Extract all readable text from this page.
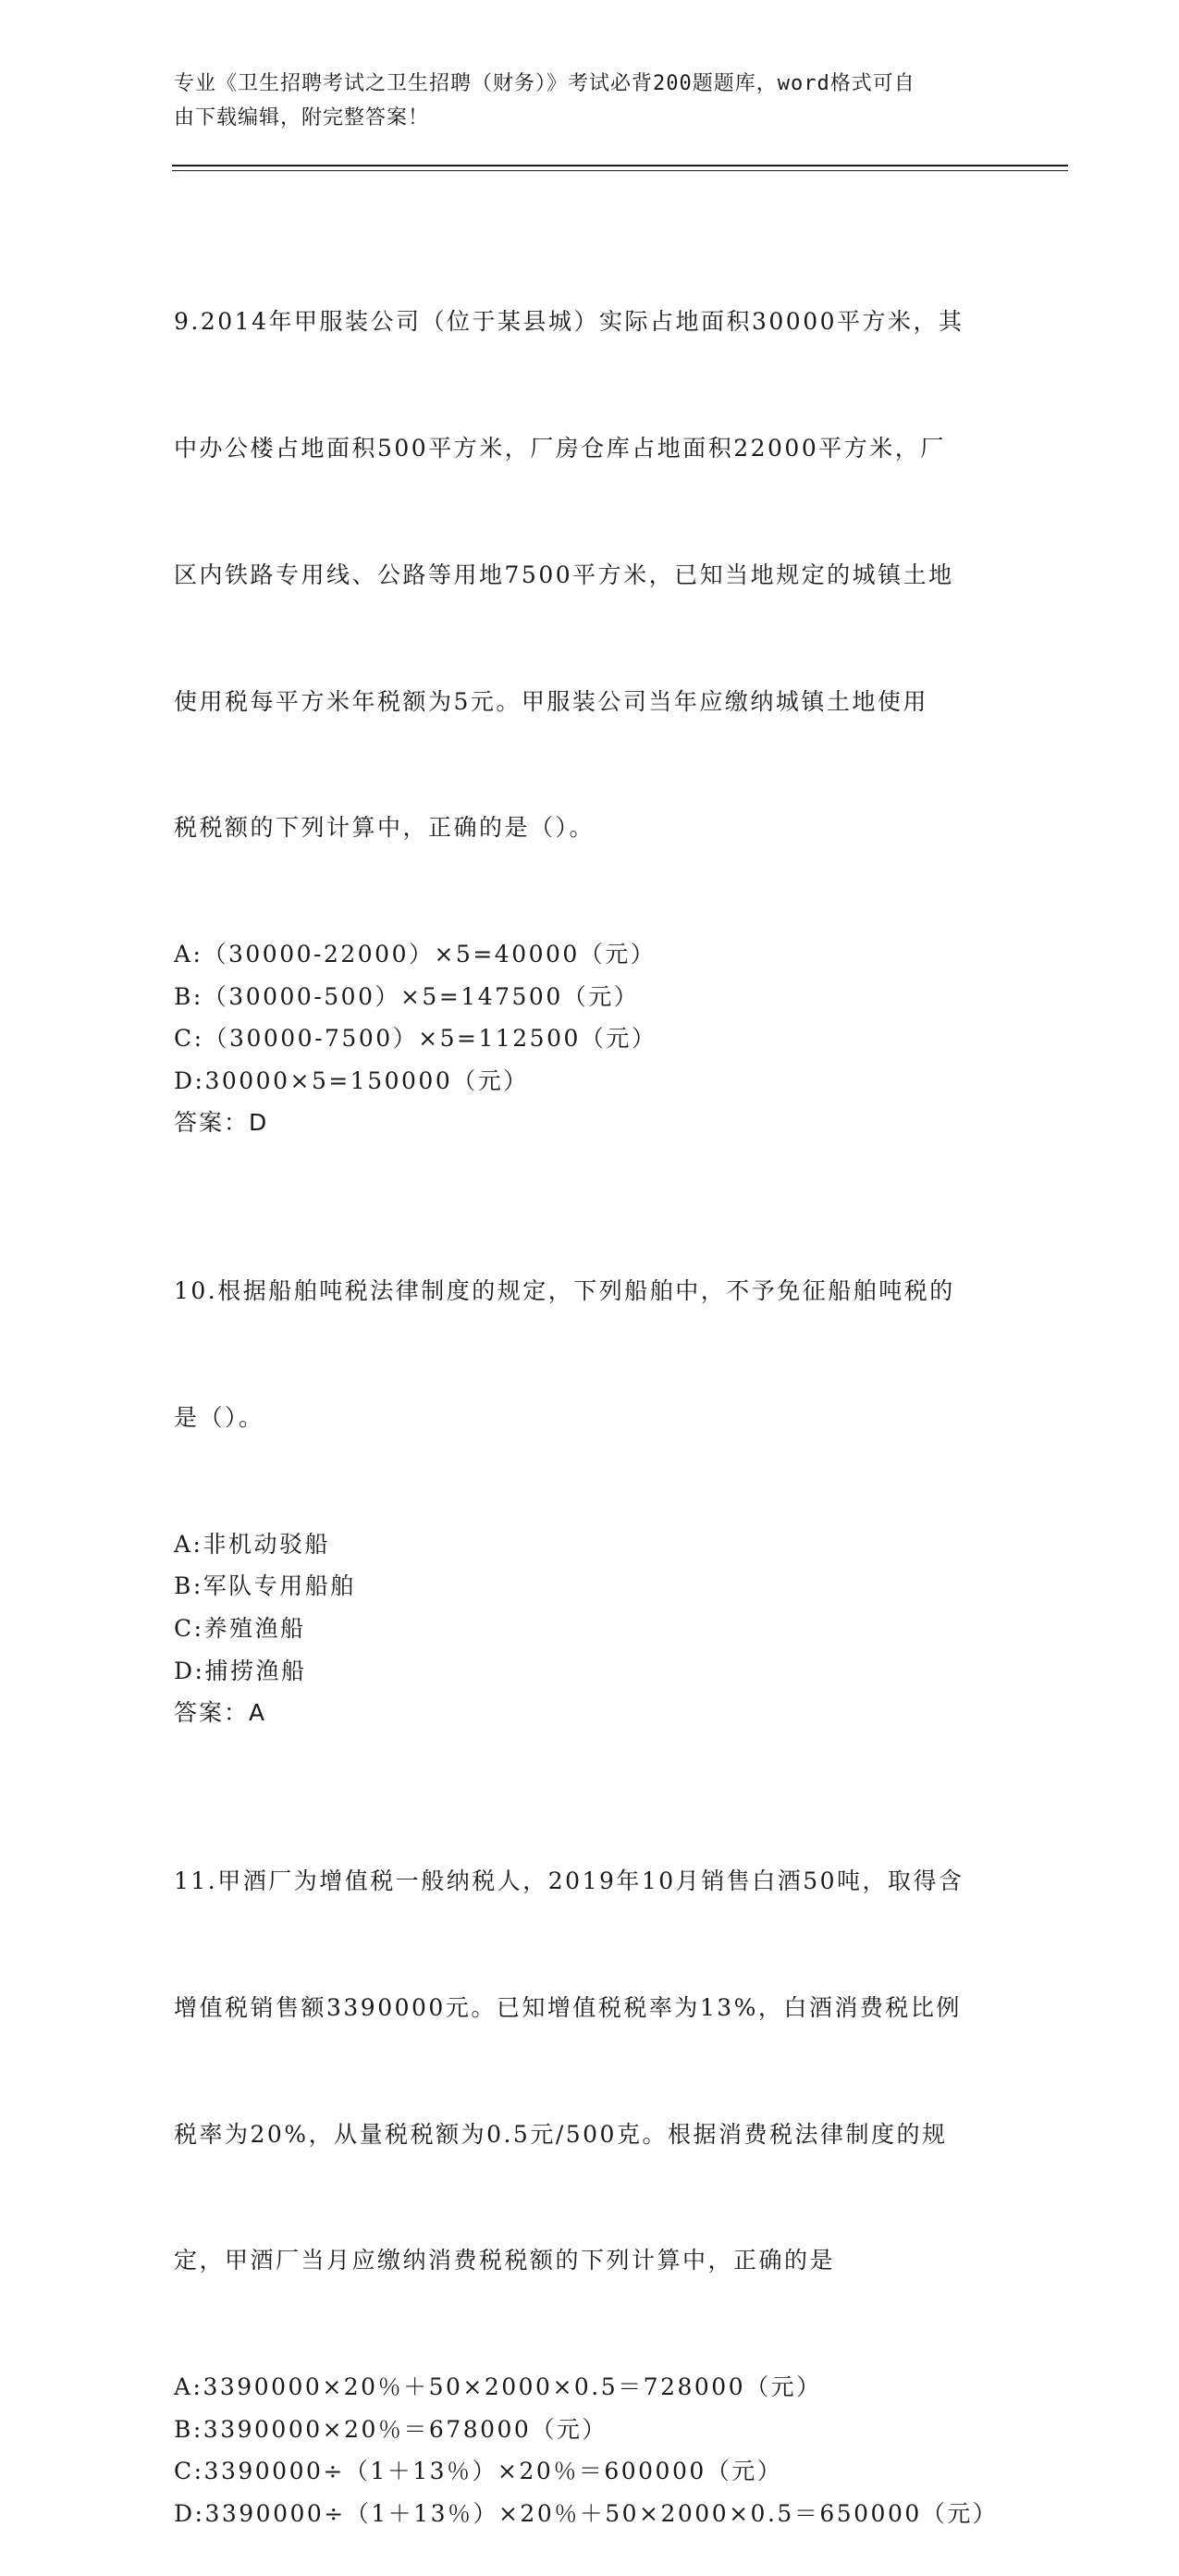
专业《卫生招聘考试之卫生招聘（财务）》考试必背200题题库，word格式可自
由下载编辑，附完整答案！

9.2014年甲服装公司（位于某县城）实际占地面积30000平方米，其

中办公楼占地面积500平方米，厂房仓库占地面积22000平方米，厂

区内铁路专用线、公路等用地7500平方米，已知当地规定的城镇土地

使用税每平方米年税额为5元。甲服装公司当年应缴纳城镇土地使用

税税额的下列计算中，正确的是（）。

A:（30000-22000）×5=40000（元）
B:（30000-500）×5=147500（元）
C:（30000-7500）×5=112500（元）
D:30000×5=150000（元）
答案：D

10.根据船舶吨税法律制度的规定，下列船舶中，不予免征船舶吨税的

是（）。

A:非机动驳船
B:军队专用船舶
C:养殖渔船
D:捕捞渔船
答案：A

11.甲酒厂为增值税一般纳税人，2019年10月销售白酒50吨，取得含

增值税销售额3390000元。已知增值税税率为13%，白酒消费税比例

税率为20%，从量税税额为0.5元/500克。根据消费税法律制度的规

定，甲酒厂当月应缴纳消费税税额的下列计算中，正确的是

A:3390000×20％＋50×2000×0.5＝728000（元）
B:3390000×20％＝678000（元）
C:3390000÷（1＋13％）×20％＝600000（元）
D:3390000÷（1＋13％）×20％＋50×2000×0.5＝650000（元）
